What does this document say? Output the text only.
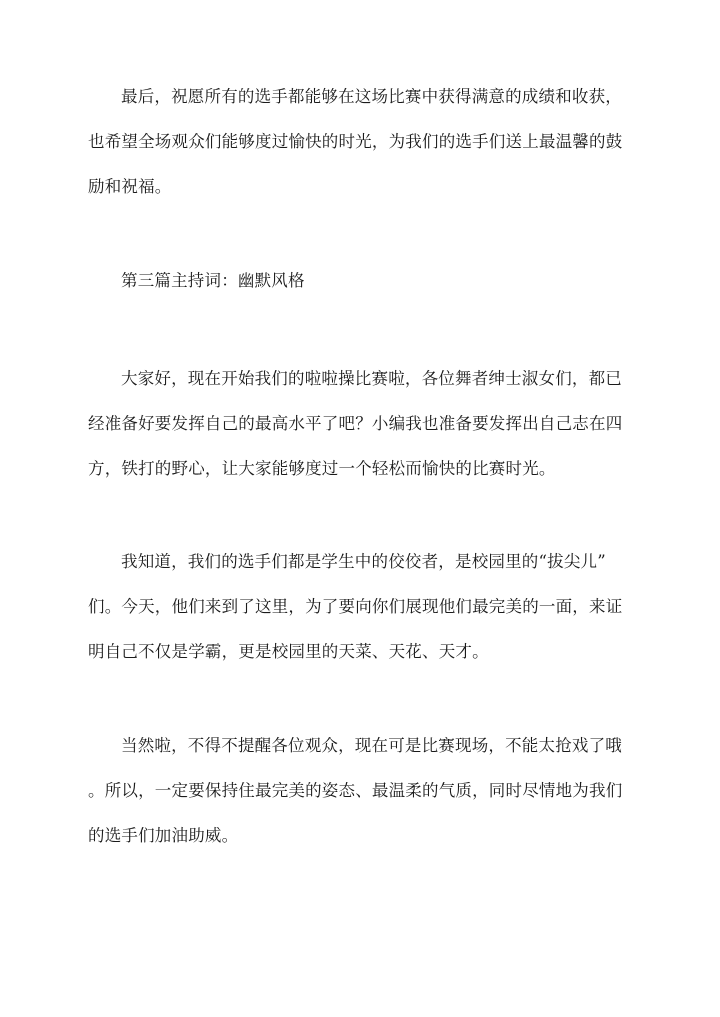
最后，祝愿所有的选手都能够在这场比赛中获得满意的成绩和收获，
也希望全场观众们能够度过愉快的时光，为我们的选手们送上最温馨的鼓
励和祝福。
第三篇主持词：幽默风格
大家好，现在开始我们的啦啦操比赛啦，各位舞者绅士淑女们，都已
经准备好要发挥自己的最高水平了吧？小编我也准备要发挥出自己志在四
方，铁打的野心，让大家能够度过一个轻松而愉快的比赛时光。
我知道，我们的选手们都是学生中的佼佼者，是校园里的“拔尖儿”
们。今天，他们来到了这里，为了要向你们展现他们最完美的一面，来证
明自己不仅是学霸，更是校园里的天菜、天花、天才。
当然啦，不得不提醒各位观众，现在可是比赛现场，不能太抢戏了哦
。所以，一定要保持住最完美的姿态、最温柔的气质，同时尽情地为我们
的选手们加油助威。
